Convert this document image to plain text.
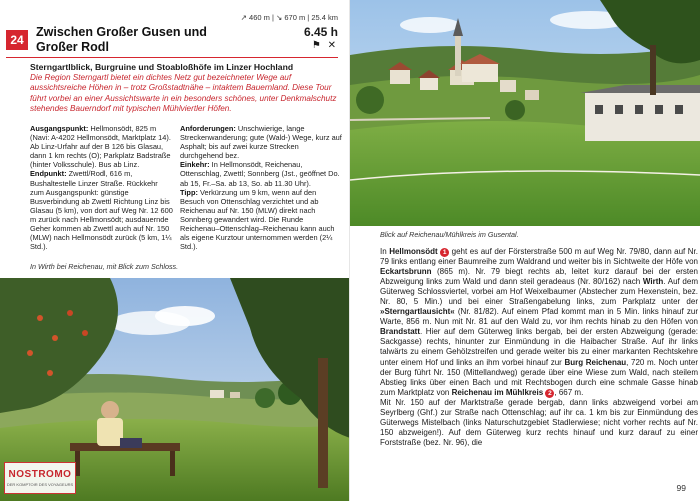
↗ 460 m | ↘ 670 m | 25.4 km
24
Zwischen Großer Gusen und
Großer Rodl
6.45 h
⚑ ✕
Sterngartlblick, Burgruine und Stoabloßhöfe im Linzer Hochland

Die Region Sterngartl bietet ein dichtes Netz gut bezeichneter Wege auf aussichtsreiche Höhen in – trotz Großstadtnähe – intaktem Bauernland. Diese Tour führt vorbei an einer Aussichtswarte in ein besonders schönes, unter Denkmalschutz stehendes Bauerndorf mit typischen Mühlviertler Höfen.

Ausgangspunkt: Hellmonsödt, 825 m (Navi: A-4202 Hellmonsödt, Marktplatz 14). Ab Linz-Urfahr auf der B 126 bis Glasau, dann 1 km rechts (O); Parkplatz Badstraße (hinter Volksschule). Bus ab Linz.

Endpunkt: Zwettl/Rodl, 616 m, Bushaltestelle Linzer Straße. Rückkehr zum Ausgangspunkt: günstige Busverbindung ab Zwettl Richtung Linz bis Glasau (5 km), von dort auf Weg Nr. 12 600 m zurück nach Hellmonsödt; ausdauernde Geher kommen ab Zwettl auch auf Nr. 150 (MLW) nach Hellmonsödt zurück (5 km, 1¼ Std.).

Anforderungen: Unschwierige, lange Streckenwanderung; gute (Wald-) Wege, kurz auf Asphalt; bis auf zwei kurze Strecken durchgehend bez.

Einkehr: In Hellmonsödt, Reichenau, Ottenschlag, Zwettl; Sonnberg (Jst., geöffnet Do. ab 15, Fr.–Sa. ab 13, So. ab 11.30 Uhr).

Tipp: Verkürzung um 9 km, wenn auf den Besuch von Ottenschlag verzichtet und ab Reichenau auf Nr. 150 (MLW) direkt nach Sonnberg gewandert wird. Die Runde Reichenau–Ottenschlag–Reichenau kann auch als eigene Kurztour unternommen werden (2¼ Std.).

In Wirth bei Reichenau, mit Blick zum Schloss.
NOSTROMO
DER KOMPTOIR DES VOYAGEURS
Blick auf Reichenau/Mühlkreis im Gusental.

In Hellmonsödt 1 geht es auf der Försterstraße 500 m auf Weg Nr. 79/80, dann auf Nr. 79 links entlang einer Baumreihe zum Waldrand und weiter bis in Sichtweite der Höfe von Eckartsbrunn (865 m). Nr. 79 biegt rechts ab, leitet kurz darauf bei der ersten Abzweigung links zum Wald und dann steil geradeaus (Nr. 80/162) nach Wirth. Auf dem Güterweg Schlossviertel, vorbei am Hof Weixelbaumer (Abstecher zum Hexenstein, bez. Nr. 80, 5 Min.) und bei einer Straßengabelung links, zum Parkplatz unter der »Sterngartlausicht« (Nr. 81/82). Auf einem Pfad kommt man in 5 Min. links hinauf zur Warte, 856 m. Nun mit Nr. 81 auf den Wald zu, vor ihm rechts hinab zu den Höfen von Brandstatt. Hier auf dem Güterweg links bergab, bei der ersten Abzweigung (gerade: Sackgasse) rechts, hinunter zur Einmündung in die Haibacher Straße. Auf ihr links talwärts zu einem Gehölzstreifen und gerade weiter bis zu einer markanten Rechtskehre unter einem Hof und links an ihm vorbei hinauf zur Burg Reichenau, 720 m. Noch unter der Burg führt Nr. 150 (Mittellandweg) gerade über eine Wiese zum Wald, nach steilem Abstieg links über einen Bach und mit Rechtsbogen durch eine schmale Gasse hinab zum Marktplatz von Reichenau im Mühlkreis 2 , 667 m.
Mit Nr. 150 auf der Marktstraße gerade bergab, dann links abzweigend vorbei am Seyrlberg (Ghf.) zur Straße nach Ottenschlag; auf ihr ca. 1 km bis zur Einmündung des Güterwegs Mistelbach (links Naturschutzgebiet Stadlerwiese; nicht vorher rechts auf Nr. 150 abzweigen!). Auf dem Güterweg kurz rechts hinauf und kurz darauf zu einer Forststraße (bez. Nr. 96), die

99
